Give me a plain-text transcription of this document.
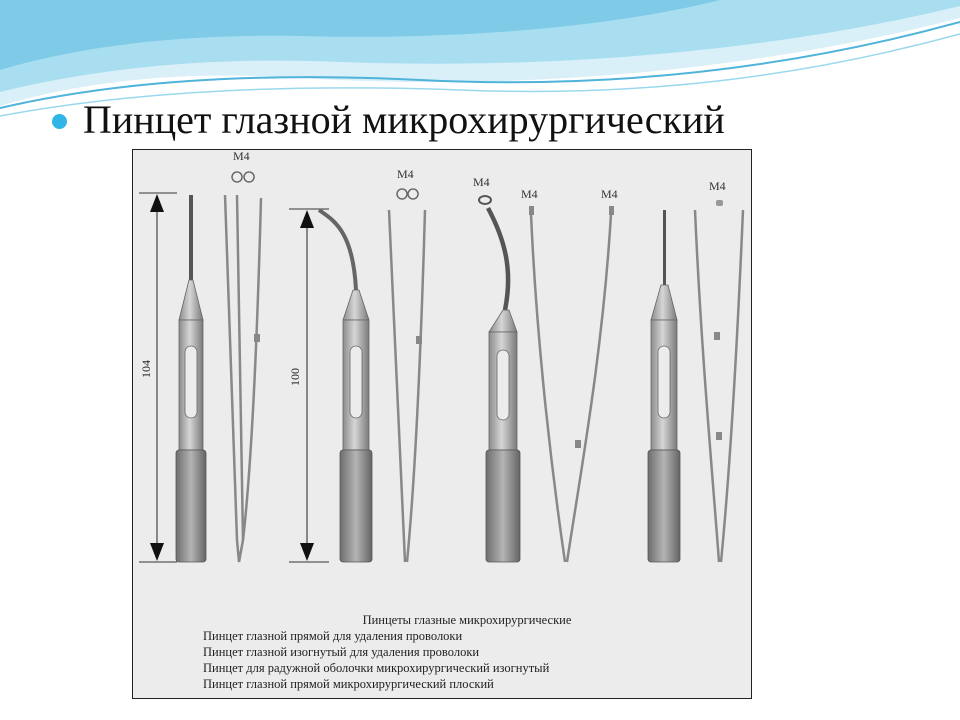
Пинцет глазной микрохирургический
104	100
М4
М4
М4
М4	М4
М4
Пинцеты глазные микрохирургические
Пинцет глазной прямой для удаления проволоки
Пинцет глазной изогнутый для удаления проволоки
Пинцет для радужной оболочки микрохирургический изогнутый
Пинцет глазной прямой микрохирургический плоский
